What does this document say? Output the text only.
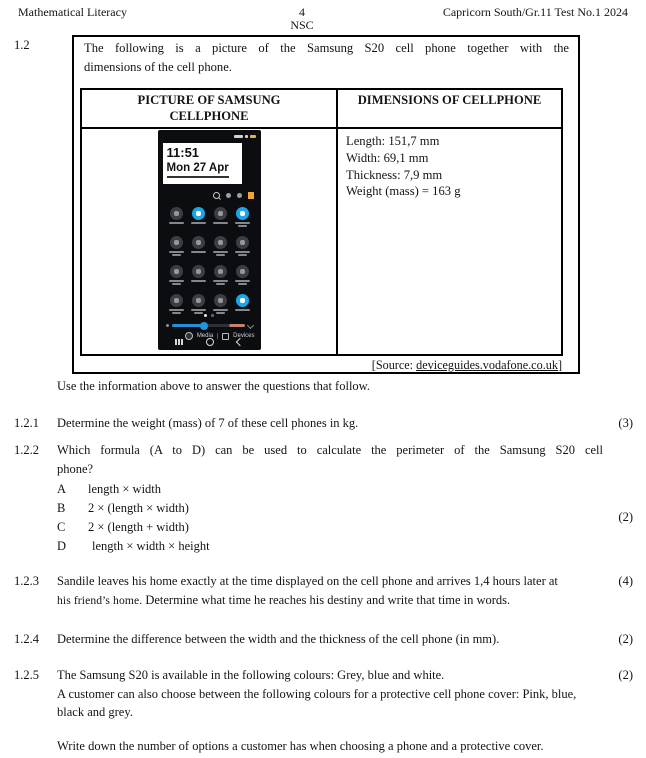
Mathematical Literacy	4
NSC
Capricorn South/Gr.11 Test No.1 2024
1.2	The following is a picture of the Samsung S20 cell phone together with the
dimensions of the cell phone.
PICTURE OF SAMSUNG
CELLPHONE
DIMENSIONS OF CELLPHONE
11:51
Mon 27 Apr
Media	Devices
Length: 151,7 mm
Width: 69,1 mm
Thickness: 7,9 mm
Weight (mass) = 163 g
[Source: deviceguides.vodafone.co.uk]
Use the information above to answer the questions that follow.
1.2.1	Determine the weight (mass) of 7 of these cell phones in kg.	(3)
1.2.2	Which formula (A to D) can be used to calculate the perimeter of the Samsung S20 cell
phone?
A	length × width
B	2 × (length × width)
C	2 × (length + width)
D	length × width × height
(2)
1.2.3	Sandile leaves his home exactly at the time displayed on the cell phone and arrives 1,4 hours later at
his friend’s home. Determine what time he reaches his destiny and write that time in words.
(4)
1.2.4	Determine the difference between the width and the thickness of the cell phone (in mm).	(2)
1.2.5	The Samsung S20 is available in the following colours: Grey, blue and white.
A customer can also choose between the following colours for a protective cell phone cover: Pink, blue, black and grey.
Write down the number of options a customer has when choosing a phone and a protective cover.
(2)
